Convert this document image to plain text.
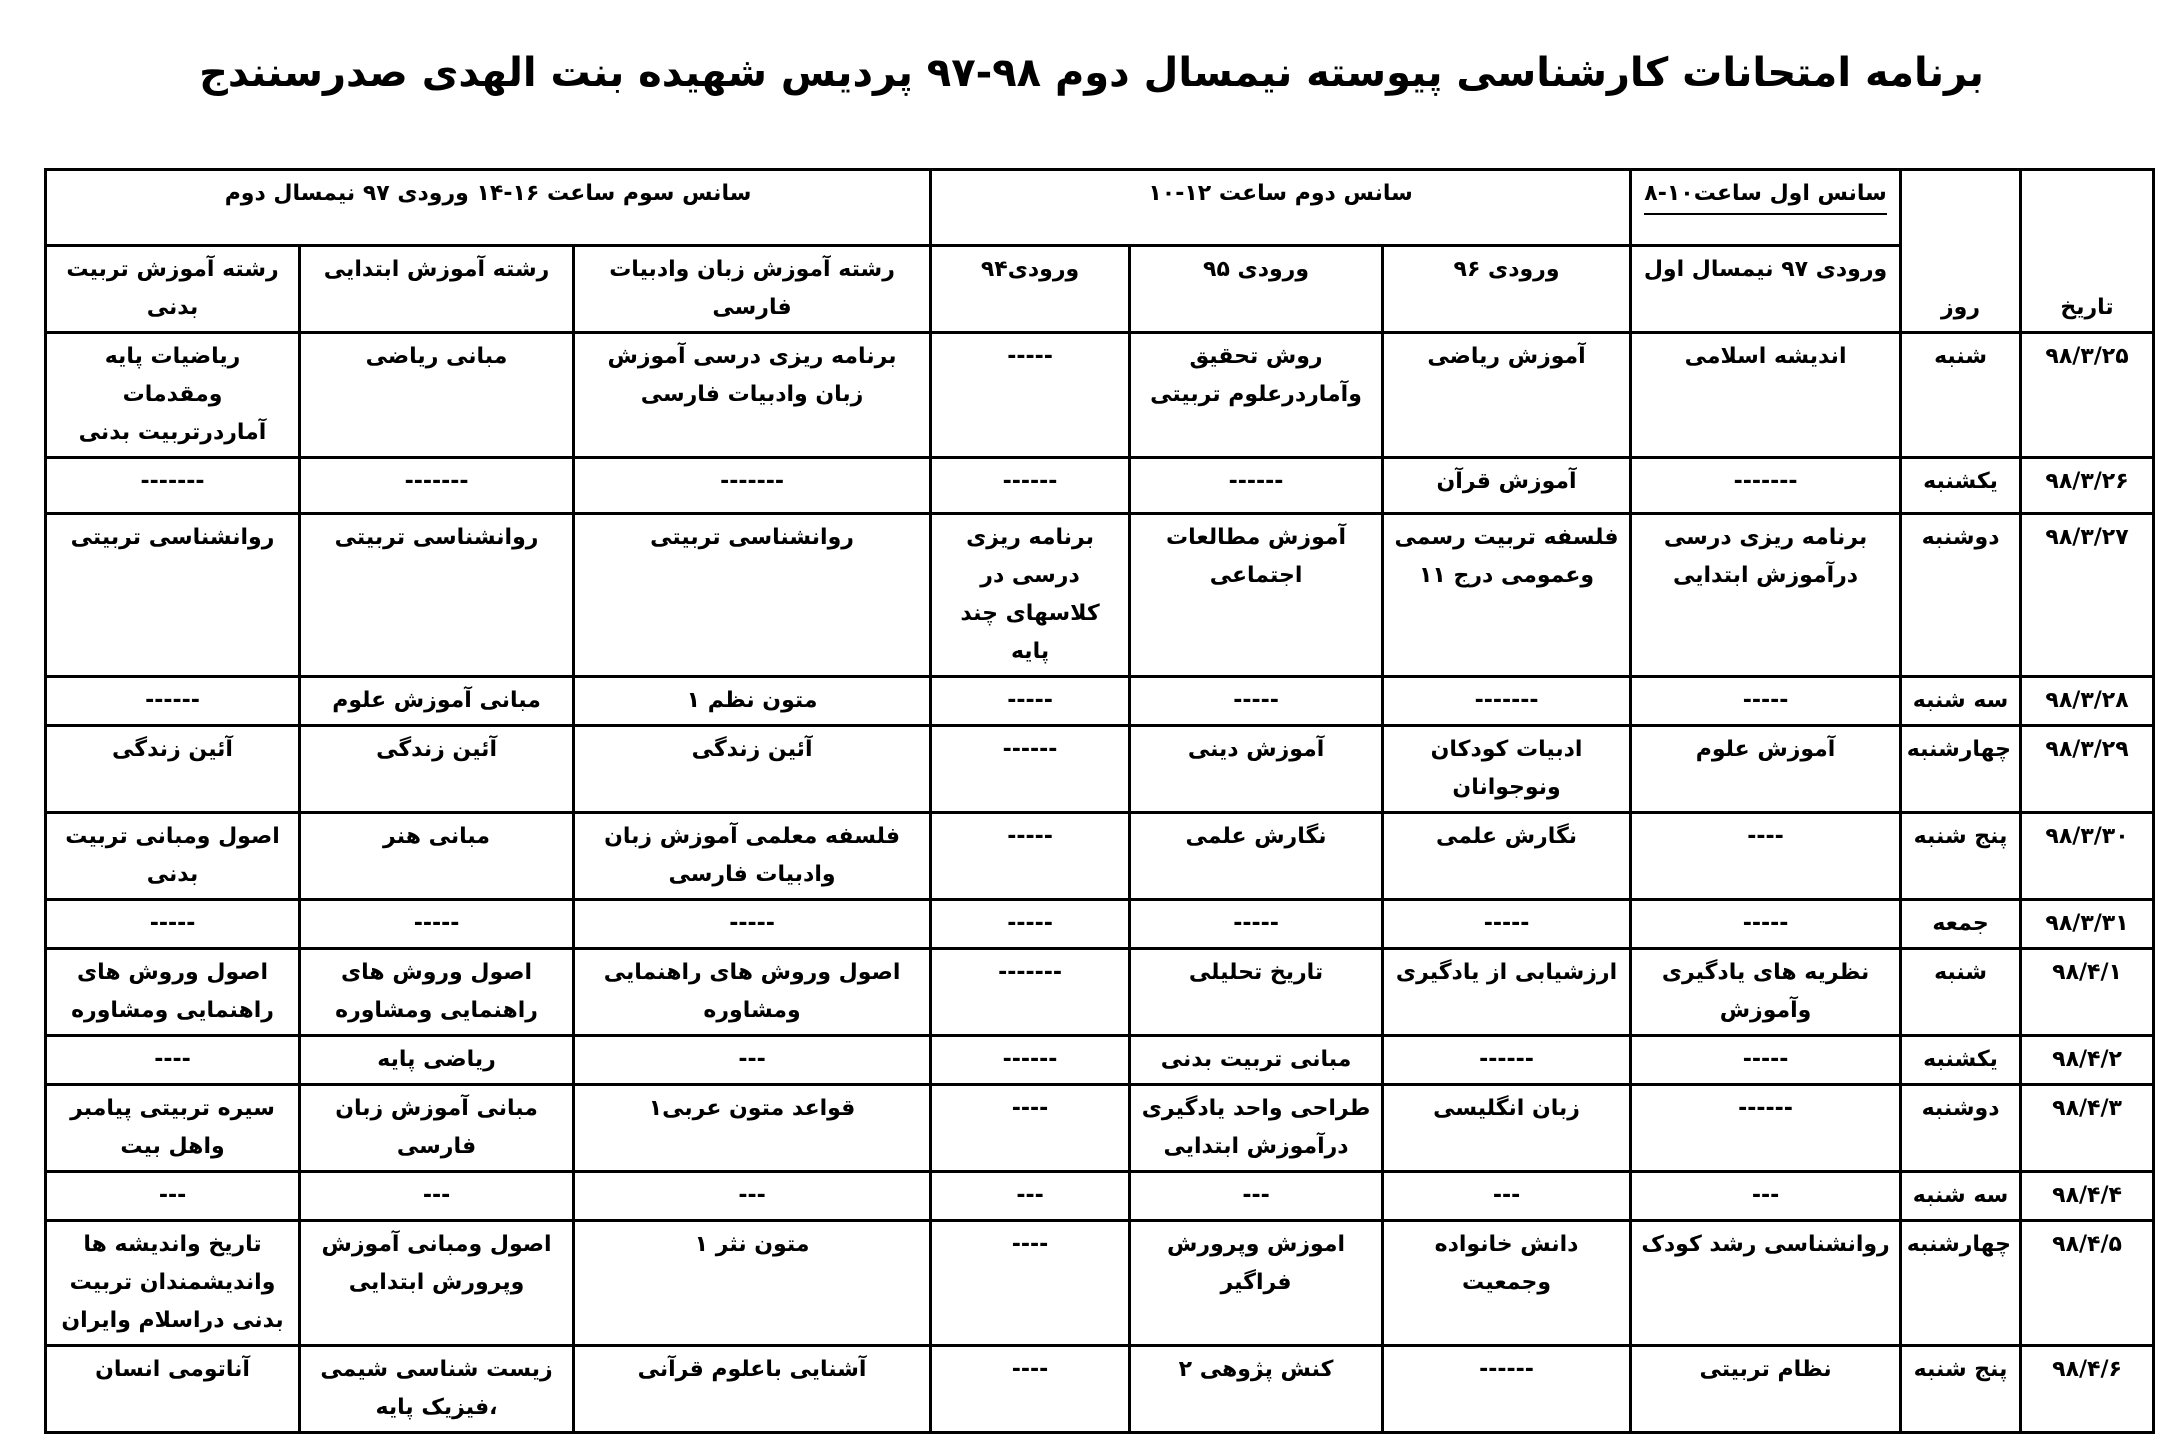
برنامه امتحانات کارشناسی پیوسته نیمسال دوم ۹۸-۹۷ پردیس شهیده بنت الهدی صدرسنندج
تاریخ	روز	سانس اول ساعت۱۰-۸	سانس دوم ساعت ۱۲-۱۰			سانس سوم ساعت ۱۶-۱۴ ورودی ۹۷ نیمسال دوم		
		ورودی ۹۷ نیمسال اول	ورودی ۹۶	ورودی ۹۵	ورودی۹۴	رشته آموزش زبان وادبیات فارسی	رشته آموزش ابتدایی	رشته آموزش تربیت بدنی
۹۸/۳/۲۵	شنبه	اندیشه اسلامی	آموزش ریاضی	روش تحقیق وآماردرعلوم تربیتی	-----	برنامه ریزی درسی آموزش زبان وادبیات فارسی	مبانی ریاضی	ریاضیات پایه ومقدمات آماردرتربیت بدنی
۹۸/۳/۲۶	یکشنبه	-------	آموزش قرآن	------	------	-------	-------	-------
۹۸/۳/۲۷	دوشنبه	برنامه ریزی درسی درآموزش ابتدایی	فلسفه تربیت رسمی وعمومی درج ۱۱	آموزش مطالعات اجتماعی	برنامه ریزی درسی در کلاسهای چند پایه	روانشناسی تربیتی	روانشناسی تربیتی	روانشناسی تربیتی
۹۸/۳/۲۸	سه شنبه	-----	-------	-----	-----	متون نظم ۱	مبانی آموزش علوم	------
۹۸/۳/۲۹	چهارشنبه	آموزش علوم	ادبیات کودکان ونوجوانان	آموزش دینی	------	آئین زندگی	آئین زندگی	آئین زندگی
۹۸/۳/۳۰	پنج شنبه	----	نگارش علمی	نگارش علمی	-----	فلسفه معلمی آموزش زبان وادبیات فارسی	مبانی هنر	اصول ومبانی تربیت بدنی
۹۸/۳/۳۱	جمعه	-----	-----	-----	-----	-----	-----	-----
۹۸/۴/۱	شنبه	نظریه های یادگیری وآموزش	ارزشیابی از یادگیری	تاریخ تحلیلی	-------	اصول وروش های راهنمایی ومشاوره	اصول وروش های راهنمایی ومشاوره	اصول وروش های راهنمایی ومشاوره
۹۸/۴/۲	یکشنبه	-----	------	مبانی تربیت بدنی	------	---	ریاضی پایه	----
۹۸/۴/۳	دوشنبه	------	زبان انگلیسی	طراحی واحد یادگیری درآموزش ابتدایی	----	قواعد متون عربی۱	مبانی آموزش زبان فارسی	سیره تربیتی پیامبر واهل بیت
۹۸/۴/۴	سه شنبه	---	---	---	---	---	---	---
۹۸/۴/۵	چهارشنبه	روانشناسی رشد کودک	دانش خانواده وجمعیت	اموزش وپرورش فراگیر	----	متون نثر ۱	اصول ومبانی آموزش وپرورش ابتدایی	تاریخ واندیشه ها واندیشمندان تربیت بدنی دراسلام وایران
۹۸/۴/۶	پنج شنبه	نظام تربیتی	------	کنش پژوهی ۲	----	آشنایی باعلوم قرآنی	زیست شناسی شیمی ،فیزیک پایه	آناتومی انسان
